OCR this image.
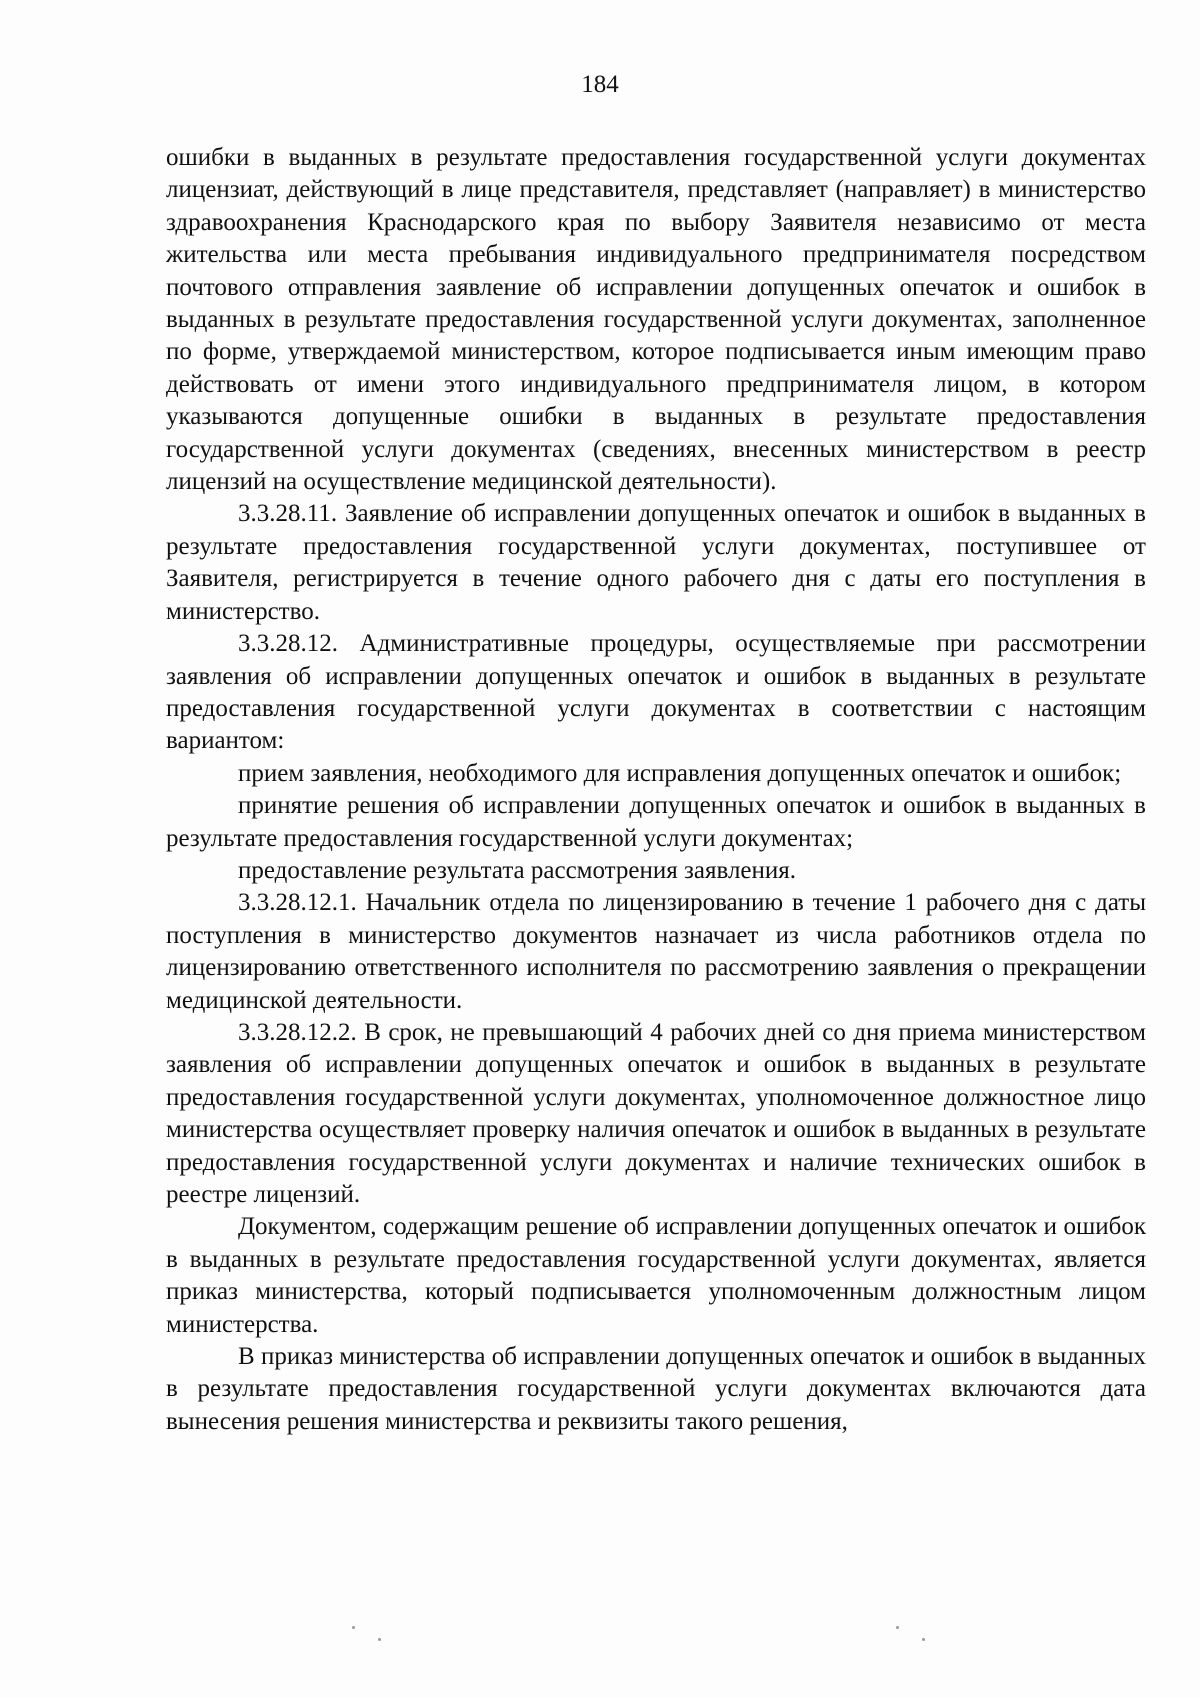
184

ошибки в выданных в результате предоставления государственной услуги документах лицензиат, действующий в лице представителя, представляет (направляет) в министерство здравоохранения Краснодарского края по выбору Заявителя независимо от места жительства или места пребывания индивидуального предпринимателя посредством почтового отправления заявление об исправлении допущенных опечаток и ошибок в выданных в результате предоставления государственной услуги документах, заполненное по форме, утверждаемой министерством, которое подписывается иным имеющим право действовать от имени этого индивидуального предпринимателя лицом, в котором указываются допущенные ошибки в выданных в результате предоставления государственной услуги документах (сведениях, внесенных министерством в реестр лицензий на осуществление медицинской деятельности).

3.3.28.11. Заявление об исправлении допущенных опечаток и ошибок в выданных в результате предоставления государственной услуги документах, поступившее от Заявителя, регистрируется в течение одного рабочего дня с даты его поступления в министерство.

3.3.28.12. Административные процедуры, осуществляемые при рассмотрении заявления об исправлении допущенных опечаток и ошибок в выданных в результате предоставления государственной услуги документах в соответствии с настоящим вариантом:

прием заявления, необходимого для исправления допущенных опечаток и ошибок;

принятие решения об исправлении допущенных опечаток и ошибок в выданных в результате предоставления государственной услуги документах;

предоставление результата рассмотрения заявления.

3.3.28.12.1. Начальник отдела по лицензированию в течение 1 рабочего дня с даты поступления в министерство документов назначает из числа работников отдела по лицензированию ответственного исполнителя по рассмотрению заявления о прекращении медицинской деятельности.

3.3.28.12.2. В срок, не превышающий 4 рабочих дней со дня приема министерством заявления об исправлении допущенных опечаток и ошибок в выданных в результате предоставления государственной услуги документах, уполномоченное должностное лицо министерства осуществляет проверку наличия опечаток и ошибок в выданных в результате предоставления государственной услуги документах и наличие технических ошибок в реестре лицензий.

Документом, содержащим решение об исправлении допущенных опечаток и ошибок в выданных в результате предоставления государственной услуги документах, является приказ министерства, который подписывается уполномоченным должностным лицом министерства.

В приказ министерства об исправлении допущенных опечаток и ошибок в выданных в результате предоставления государственной услуги документах включаются дата вынесения решения министерства и реквизиты такого решения,
